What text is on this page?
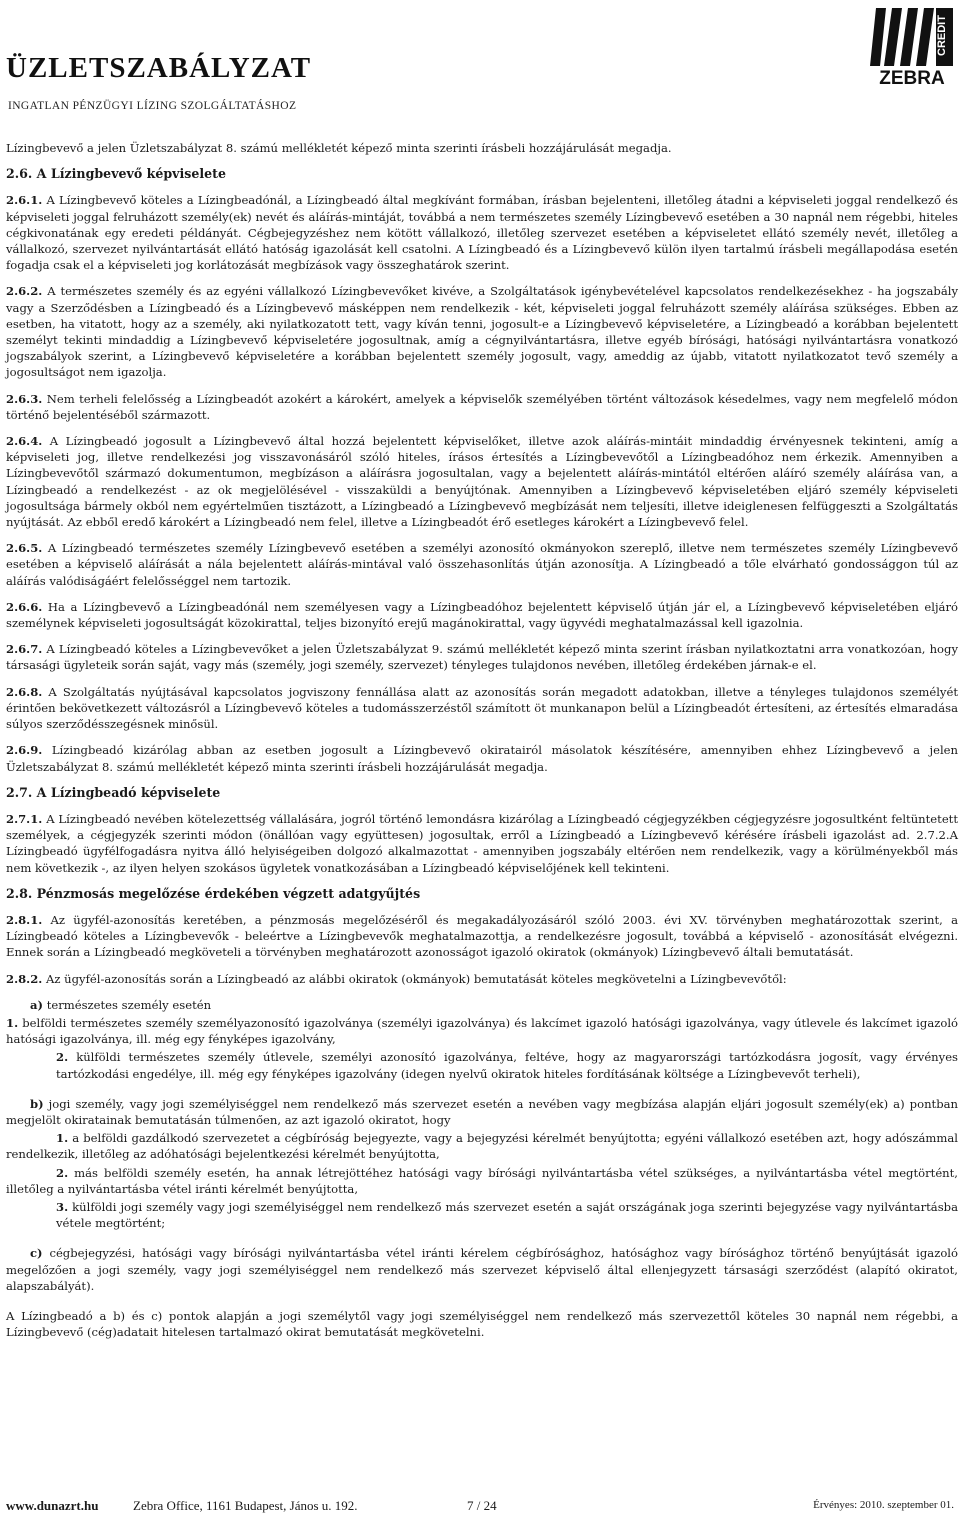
ÜZLETSZABÁLYZAT
INGATLAN PÉNZÜGYI LÍZING SZOLGÁLTATÁSHOZ
CREDIT
ZEBRA

Lízingbevevő a jelen Üzletszabályzat 8. számú mellékletét képező minta szerinti írásbeli hozzájárulását megadja.

2.6. A Lízingbevevő képviselete

2.6.1. A Lízingbevevő köteles a Lízingbeadónál, a Lízingbeadó által megkívánt formában, írásban bejelenteni, illetőleg átadni a képviseleti joggal rendelkező és képviseleti joggal felruházott személy(ek) nevét és aláírás-mintáját, továbbá a nem természetes személy Lízingbevevő esetében a 30 napnál nem régebbi, hiteles cégkivonatának egy eredeti példányát. Cégbejegyzéshez nem kötött vállalkozó, illetőleg szervezet esetében a képviseletet ellátó személy nevét, illetőleg a vállalkozó, szervezet nyilvántartását ellátó hatóság igazolását kell csatolni. A Lízingbeadó és a Lízingbevevő külön ilyen tartalmú írásbeli megállapodása esetén fogadja csak el a képviseleti jog korlátozását megbízások vagy összeghatárok szerint.

2.6.2. A természetes személy és az egyéni vállalkozó Lízingbevevőket kivéve, a Szolgáltatások igénybevételével kapcsolatos rendelkezésekhez - ha jogszabály vagy a Szerződésben a Lízingbeadó és a Lízingbevevő másképpen nem rendelkezik - két, képviseleti joggal felruházott személy aláírása szükséges. Ebben az esetben, ha vitatott, hogy az a személy, aki nyilatkozatott tett, vagy kíván tenni, jogosult-e a Lízingbevevő képviseletére, a Lízingbeadó a korábban bejelentett személyt tekinti mindaddig a Lízingbevevő képviseletére jogosultnak, amíg a cégnyilvántartásra, illetve egyéb bírósági, hatósági nyilvántartásra vonatkozó jogszabályok szerint, a Lízingbevevő képviseletére a korábban bejelentett személy jogosult, vagy, ameddig az újabb, vitatott nyilatkozatot tevő személy a jogosultságot nem igazolja.

2.6.3. Nem terheli felelősség a Lízingbeadót azokért a károkért, amelyek a képviselők személyében történt változások késedelmes, vagy nem megfelelő módon történő bejelentéséből származott.

2.6.4. A Lízingbeadó jogosult a Lízingbevevő által hozzá bejelentett képviselőket, illetve azok aláírás-mintáit mindaddig érvényesnek tekinteni, amíg a képviseleti jog, illetve rendelkezési jog visszavonásáról szóló hiteles, írásos értesítés a Lízingbevevőtől a Lízingbeadóhoz nem érkezik. Amennyiben a Lízingbevevőtől származó dokumentumon, megbízáson a aláírásra jogosultalan, vagy a bejelentett aláírás-mintától eltérően aláíró személy aláírása van, a Lízingbeadó a rendelkezést - az ok megjelölésével - visszaküldi a benyújtónak. Amennyiben a Lízingbevevő képviseletében eljáró személy képviseleti jogosultsága bármely okból nem egyértelműen tisztázott, a Lízingbeadó a Lízingbevevő megbízását nem teljesíti, illetve ideiglenesen felfüggeszti a Szolgáltatás nyújtását. Az ebből eredő károkért a Lízingbeadó nem felel, illetve a Lízingbeadót érő esetleges károkért a Lízingbevevő felel.

2.6.5. A Lízingbeadó természetes személy Lízingbevevő esetében a személyi azonosító okmányokon szereplő, illetve nem természetes személy Lízingbevevő esetében a képviselő aláírását a nála bejelentett aláírás-mintával való összehasonlítás útján azonosítja. A Lízingbeadó a tőle elvárható gondossággon túl az aláírás valódiságáért felelősséggel nem tartozik.

2.6.6. Ha a Lízingbevevő a Lízingbeadónál nem személyesen vagy a Lízingbeadóhoz bejelentett képviselő útján jár el, a Lízingbevevő képviseletében eljáró személynek képviseleti jogosultságát közokirattal, teljes bizonyító erejű magánokirattal, vagy ügyvédi meghatalmazással kell igazolnia.

2.6.7. A Lízingbeadó köteles a Lízingbevevőket a jelen Üzletszabályzat 9. számú mellékletét képező minta szerint írásban nyilatkoztatni arra vonatkozóan, hogy társasági ügyleteik során saját, vagy más (személy, jogi személy, szervezet) tényleges tulajdonos nevében, illetőleg érdekében járnak-e el.

2.6.8. A Szolgáltatás nyújtásával kapcsolatos jogviszony fennállása alatt az azonosítás során megadott adatokban, illetve a tényleges tulajdonos személyét érintően bekövetkezett változásról a Lízingbevevő köteles a tudomásszerzéstől számított öt munkanapon belül a Lízingbeadót értesíteni, az értesítés elmaradása súlyos szerződésszegésnek minősül.

2.6.9. Lízingbeadó kizárólag abban az esetben jogosult a Lízingbevevő okiratairól másolatok készítésére, amennyiben ehhez Lízingbevevő a jelen Üzletszabályzat 8. számú mellékletét képező minta szerinti írásbeli hozzájárulását megadja.

2.7. A Lízingbeadó képviselete

2.7.1. A Lízingbeadó nevében kötelezettség vállalására, jogról történő lemondásra kizárólag a Lízingbeadó cégjegyzékben cégjegyzésre jogosultként feltüntetett személyek, a cégjegyzék szerinti módon (önállóan vagy együttesen) jogosultak, erről a Lízingbeadó a Lízingbevevő kérésére írásbeli igazolást ad. 2.7.2.A Lízingbeadó ügyfélfogadásra nyitva álló helyiségeiben dolgozó alkalmazottat - amennyiben jogszabály eltérően nem rendelkezik, vagy a körülményekből más nem következik -, az ilyen helyen szokásos ügyletek vonatkozásában a Lízingbeadó képviselőjének kell tekinteni.

2.8. Pénzmosás megelőzése érdekében végzett adatgyűjtés

2.8.1. Az ügyfél-azonosítás keretében, a pénzmosás megelőzéséről és megakadályozásáról szóló 2003. évi XV. törvényben meghatározottak szerint, a Lízingbeadó köteles a Lízingbevevők - beleértve a Lízingbevevők meghatalmazottja, a rendelkezésre jogosult, továbbá a képviselő - azonosítását elvégezni. Ennek során a Lízingbeadó megköveteli a törvényben meghatározott azonosságot igazoló okiratok (okmányok) Lízingbevevő általi bemutatását.

2.8.2. Az ügyfél-azonosítás során a Lízingbeadó az alábbi okiratok (okmányok) bemutatását köteles megkövetelni a Lízingbevevőtől:

a) természetes személy esetén

1. belföldi természetes személy személyazonosító igazolványa (személyi igazolványa) és lakcímet igazoló hatósági igazolványa, vagy útlevele és lakcímet igazoló hatósági igazolványa, ill. még egy fényképes igazolvány,

2. külföldi természetes személy útlevele, személyi azonosító igazolványa, feltéve, hogy az magyarországi tartózkodásra jogosít, vagy érvényes tartózkodási engedélye, ill. még egy fényképes igazolvány (idegen nyelvű okiratok hiteles fordításának költsége a Lízingbevevőt terheli),

b) jogi személy, vagy jogi személyiséggel nem rendelkező más szervezet esetén a nevében vagy megbízása alapján eljári jogosult személy(ek) a) pontban megjelölt okiratainak bemutatásán túlmenően, az azt igazoló okiratot, hogy

1. a belföldi gazdálkodó szervezetet a cégbíróság bejegyezte, vagy a bejegyzési kérelmét benyújtotta; egyéni vállalkozó esetében azt, hogy adószámmal rendelkezik, illetőleg az adóhatósági bejelentkezési kérelmét benyújtotta,

2. más belföldi személy esetén, ha annak létrejöttéhez hatósági vagy bírósági nyilvántartásba vétel szükséges, a nyilvántartásba vétel megtörtént, illetőleg a nyilvántartásba vétel iránti kérelmét benyújtotta,

3. külföldi jogi személy vagy jogi személyiséggel nem rendelkező más szervezet esetén a saját országának joga szerinti bejegyzése vagy nyilvántartásba vétele megtörtént;

c) cégbejegyzési, hatósági vagy bírósági nyilvántartásba vétel iránti kérelem cégbírósághoz, hatósághoz vagy bírósághoz történő benyújtását igazoló megelőzően a jogi személy, vagy jogi személyiséggel nem rendelkező más szervezet képviselő által ellenjegyzett társasági szerződést (alapító okiratot, alapszabályát).

A Lízingbeadó a b) és c) pontok alapján a jogi személytől vagy jogi személyiséggel nem rendelkező más szervezettől köteles 30 napnál nem régebbi, a Lízingbevevő (cég)adatait hitelesen tartalmazó okirat bemutatását megkövetelni.

www.dunazrt.hu	Zebra Office, 1161 Budapest, János u. 192.	7 / 24	Érvényes: 2010. szeptember 01.
